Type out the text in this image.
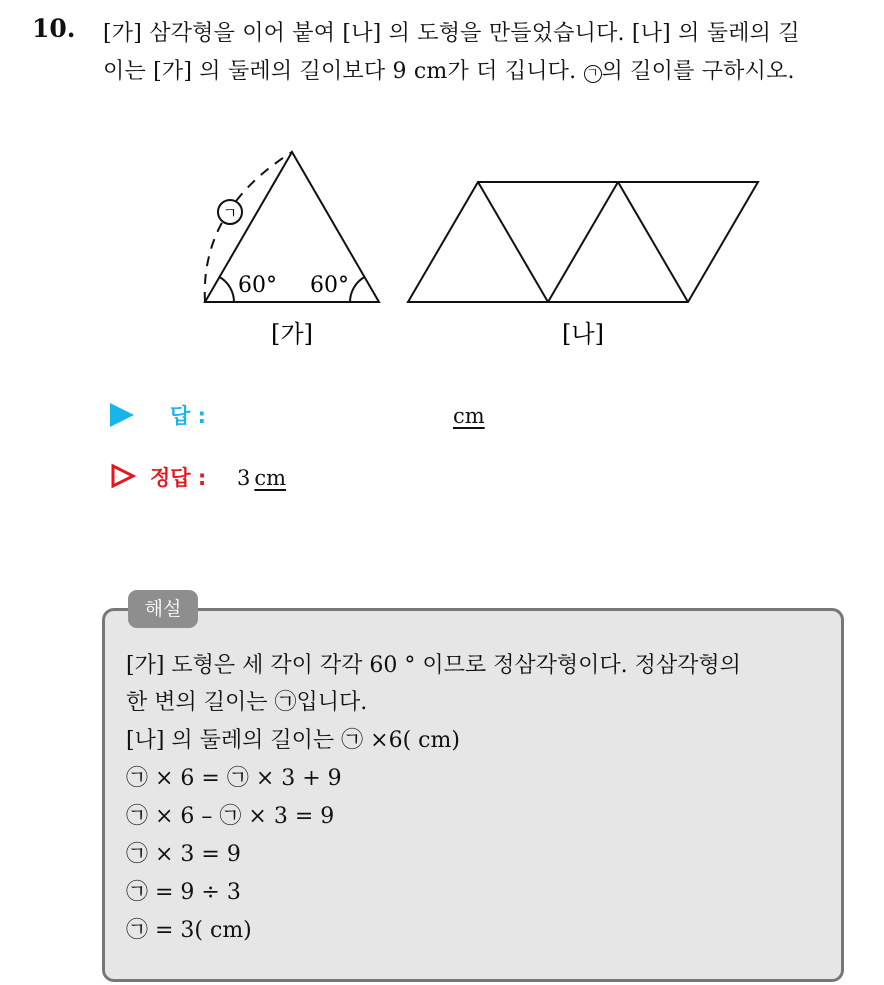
10. [가] 삼각형을 이어 붙여 [나] 의 도형을 만들었습니다. [나] 의 둘레의 길
이는 [가] 의 둘레의 길이보다 9 cm가 더 깁니다. ㄱ 의 길이를 구하시오.
ㄱ
60° 60°
[가]	[나]
답 :	cm
정답 : 3 cm
해설
[가] 도형은 세 각이 각각 60 ° 이므로 정삼각형이다. 정삼각형의
한 변의 길이는 ㉠입니다.
[나] 의 둘레의 길이는 ㉠ ×6( cm)
㉠ × 6 = ㉠ × 3 + 9
㉠ × 6 – ㉠ × 3 = 9
㉠ × 3 = 9
㉠ = 9 ÷ 3
㉠ = 3( cm)
